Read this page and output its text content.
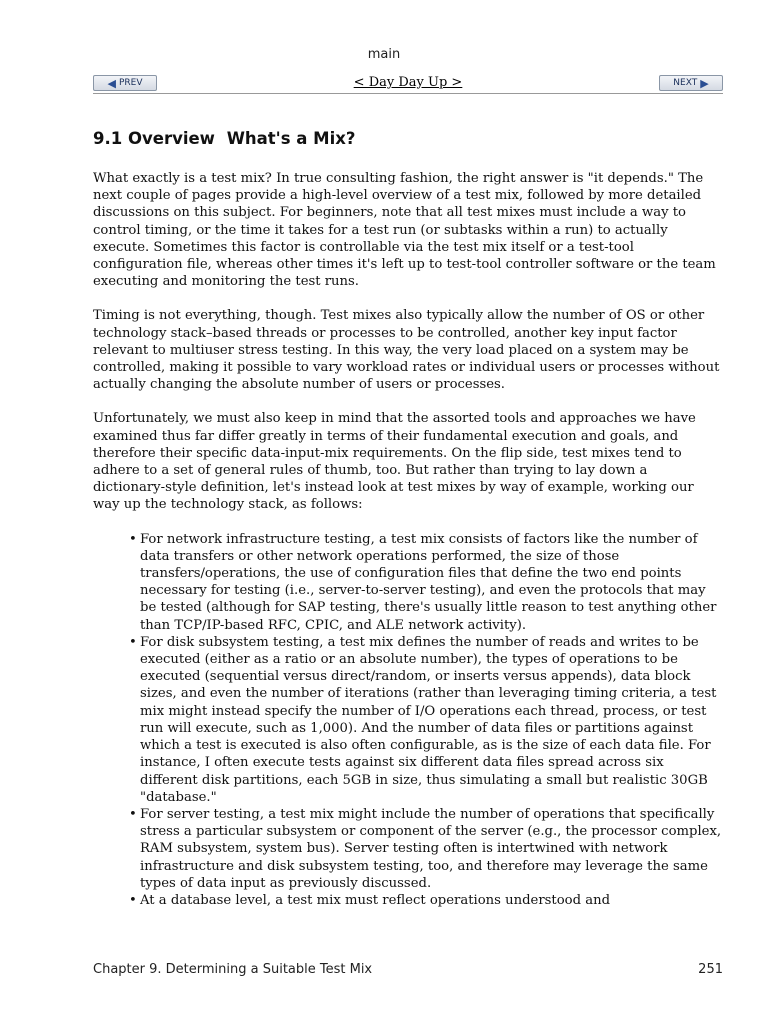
main
◀ PREV	< Day Day Up >	NEXT ▶
9.1 Overview What's a Mix?

What exactly is a test mix? In true consulting fashion, the right answer is "it depends." The next couple of pages provide a high-level overview of a test mix, followed by more detailed discussions on this subject. For beginners, note that all test mixes must include a way to control timing, or the time it takes for a test run (or subtasks within a run) to actually execute. Sometimes this factor is controllable via the test mix itself or a test-tool configuration file, whereas other times it's left up to test-tool controller software or the team executing and monitoring the test runs.

Timing is not everything, though. Test mixes also typically allow the number of OS or other technology stack–based threads or processes to be controlled, another key input factor relevant to multiuser stress testing. In this way, the very load placed on a system may be controlled, making it possible to vary workload rates or individual users or processes without actually changing the absolute number of users or processes.

Unfortunately, we must also keep in mind that the assorted tools and approaches we have examined thus far differ greatly in terms of their fundamental execution and goals, and therefore their specific data-input-mix requirements. On the flip side, test mixes tend to adhere to a set of general rules of thumb, too. But rather than trying to lay down a dictionary-style definition, let's instead look at test mixes by way of example, working our way up the technology stack, as follows:

• For network infrastructure testing, a test mix consists of factors like the number of data transfers or other network operations performed, the size of those transfers/operations, the use of configuration files that define the two end points necessary for testing (i.e., server-to-server testing), and even the protocols that may be tested (although for SAP testing, there's usually little reason to test anything other than TCP/IP-based RFC, CPIC, and ALE network activity).
• For disk subsystem testing, a test mix defines the number of reads and writes to be executed (either as a ratio or an absolute number), the types of operations to be executed (sequential versus direct/random, or inserts versus appends), data block sizes, and even the number of iterations (rather than leveraging timing criteria, a test mix might instead specify the number of I/O operations each thread, process, or test run will execute, such as 1,000). And the number of data files or partitions against which a test is executed is also often configurable, as is the size of each data file. For instance, I often execute tests against six different data files spread across six different disk partitions, each 5GB in size, thus simulating a small but realistic 30GB "database."
• For server testing, a test mix might include the number of operations that specifically stress a particular subsystem or component of the server (e.g., the processor complex, RAM subsystem, system bus). Server testing often is intertwined with network infrastructure and disk subsystem testing, too, and therefore may leverage the same types of data input as previously discussed.
• At a database level, a test mix must reflect operations understood and
Chapter 9. Determining a Suitable Test Mix	251
